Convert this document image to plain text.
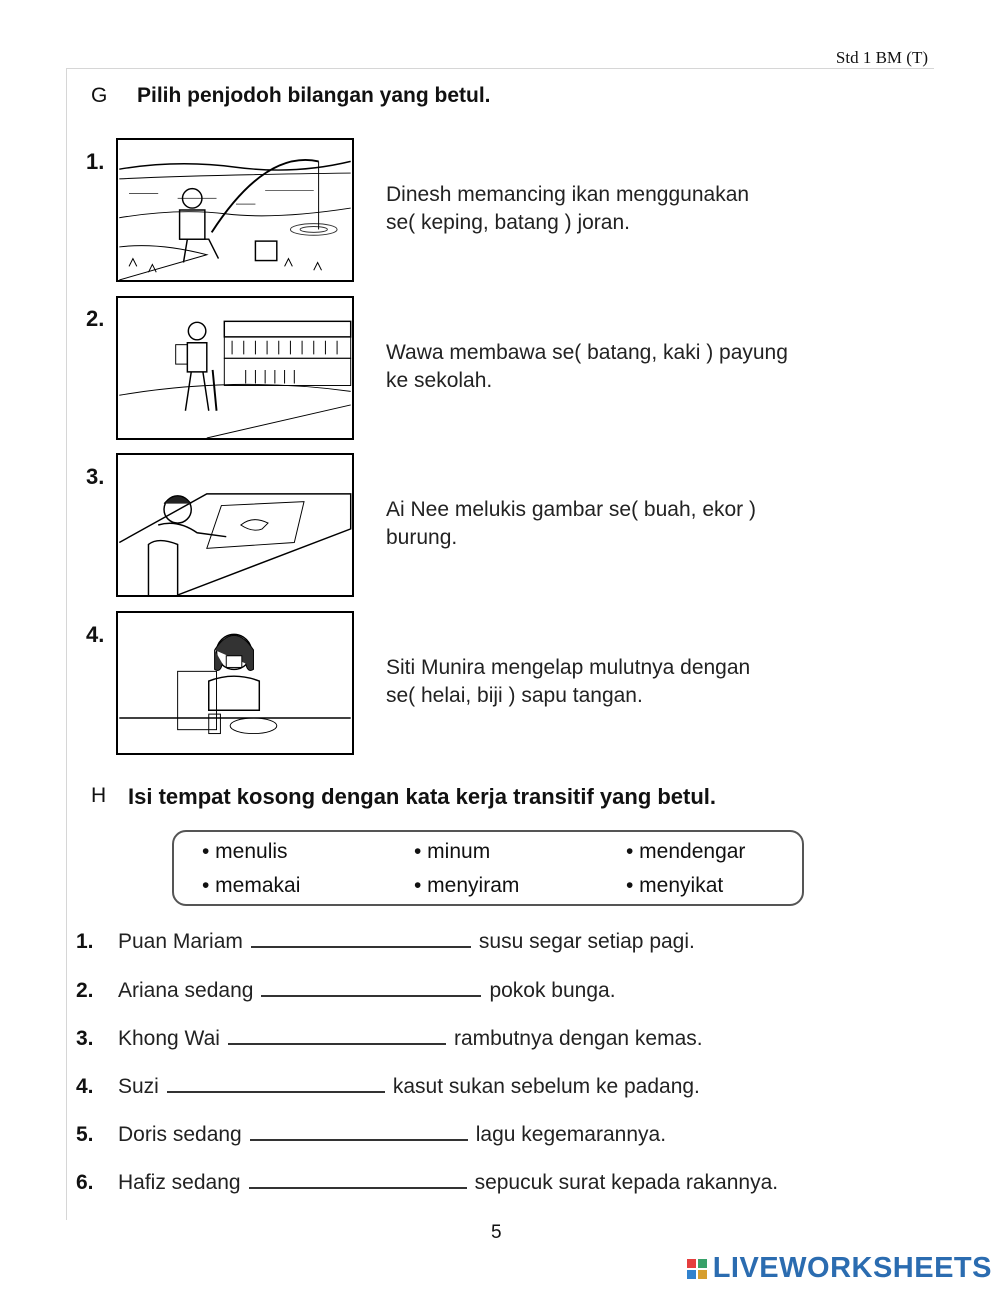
Std 1 BM (T)
G Pilih penjodoh bilangan yang betul.
1.
Dinesh memancing ikan menggunakan
se( keping, batang ) joran.
2.
Wawa membawa se( batang, kaki ) payung
ke sekolah.
3.
Ai Nee melukis gambar se( buah, ekor )
burung.
4.
Siti Munira mengelap mulutnya dengan
se( helai, biji ) sapu tangan.
H Isi tempat kosong dengan kata kerja transitif yang betul.
• menulis	• minum	• mendengar
• memakai	• menyiram	• menyikat
1. Puan Mariam	susu segar setiap pagi.
2. Ariana sedang	pokok bunga.
3. Khong Wai	rambutnya dengan kemas.
4. Suzi	kasut sukan sebelum ke padang.
5. Doris sedang	lagu kegemarannya.
6. Hafiz sedang	sepucuk surat kepada rakannya.
5
LIVEWORKSHEETS
